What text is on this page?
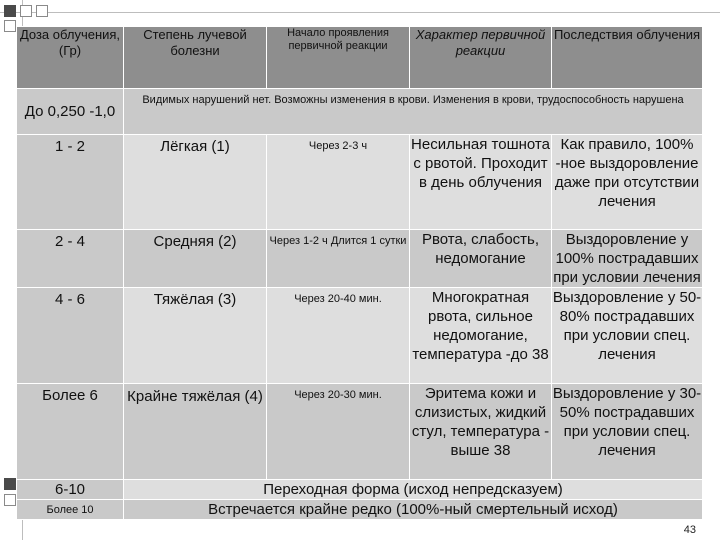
Доза облучения, (Гр)	Степень лучевой болезни	Начало проявления первичной реакции	Характер первичной реакции	Последствия облучения
До 0,250 -1,0	Видимых нарушений нет. Возможны изменения в крови. Изменения в крови, трудоспособность нарушена			
1 - 2	Лёгкая (1)	Через 2-3 ч	Несильная тошнота с рвотой. Проходит в день облучения	Как правило, 100% -ное выздоровление даже при отсутствии лечения
2 - 4	Средняя (2)	Через 1-2 ч Длится 1 сутки	Рвота, слабость, недомогание	Выздоровление у 100% пострадавших при условии лечения
4 - 6	Тяжёлая (3)	Через 20-40 мин.	Многократная рвота, сильное недомогание, температура -до 38	Выздоровление у 50-80% пострадавших при условии спец. лечения
Более 6	Крайне тяжёлая (4)	Через 20-30 мин.	Эритема кожи и слизистых, жидкий стул, температура - выше 38	Выздоровление у 30-50% пострадавших при условии спец. лечения
6-10	Переходная форма (исход непредсказуем)			
Более 10	Встречается крайне редко (100%-ный смертельный исход)			
43
